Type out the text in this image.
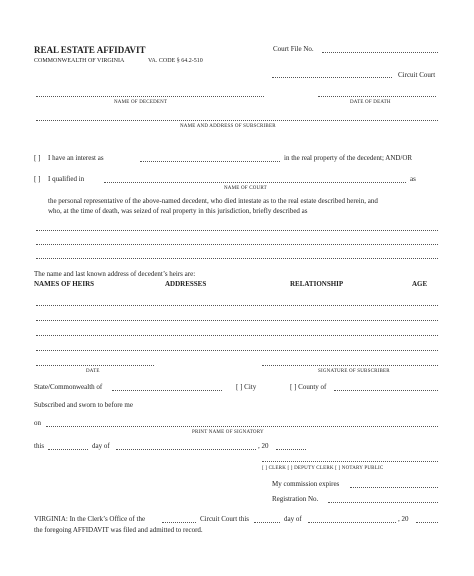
REAL ESTATE AFFIDAVIT
COMMONWEALTH OF VIRGINIA	VA. CODE § 64.2-510
Court File No.
Circuit Court
NAME OF DECEDENT	DATE OF DEATH
NAME AND ADDRESS OF SUBSCRIBER
[ ] I have an interest as	in the real property of the decedent; AND/OR
[ ] I qualified in	as
NAME OF COURT
the personal representative of the above-named decedent, who died intestate as to the real estate described herein, and
who, at the time of death, was seized of real property in this jurisdiction, briefly described as
The name and last known address of decedent’s heirs are:
NAMES OF HEIRS	ADDRESSES	RELATIONSHIP	AGE
DATE	SIGNATURE OF SUBSCRIBER
State/Commonwealth of	[ ] City	[ ] County of
Subscribed and sworn to before me
on
PRINT NAME OF SIGNATORY
this	day of	, 20
[ ] CLERK [ ] DEPUTY CLERK [ ] NOTARY PUBLIC
My commission expires
Registration No.
VIRGINIA: In the Clerk’s Office of the	Circuit Court this	day of	, 20
the foregoing AFFIDAVIT was filed and admitted to record.
